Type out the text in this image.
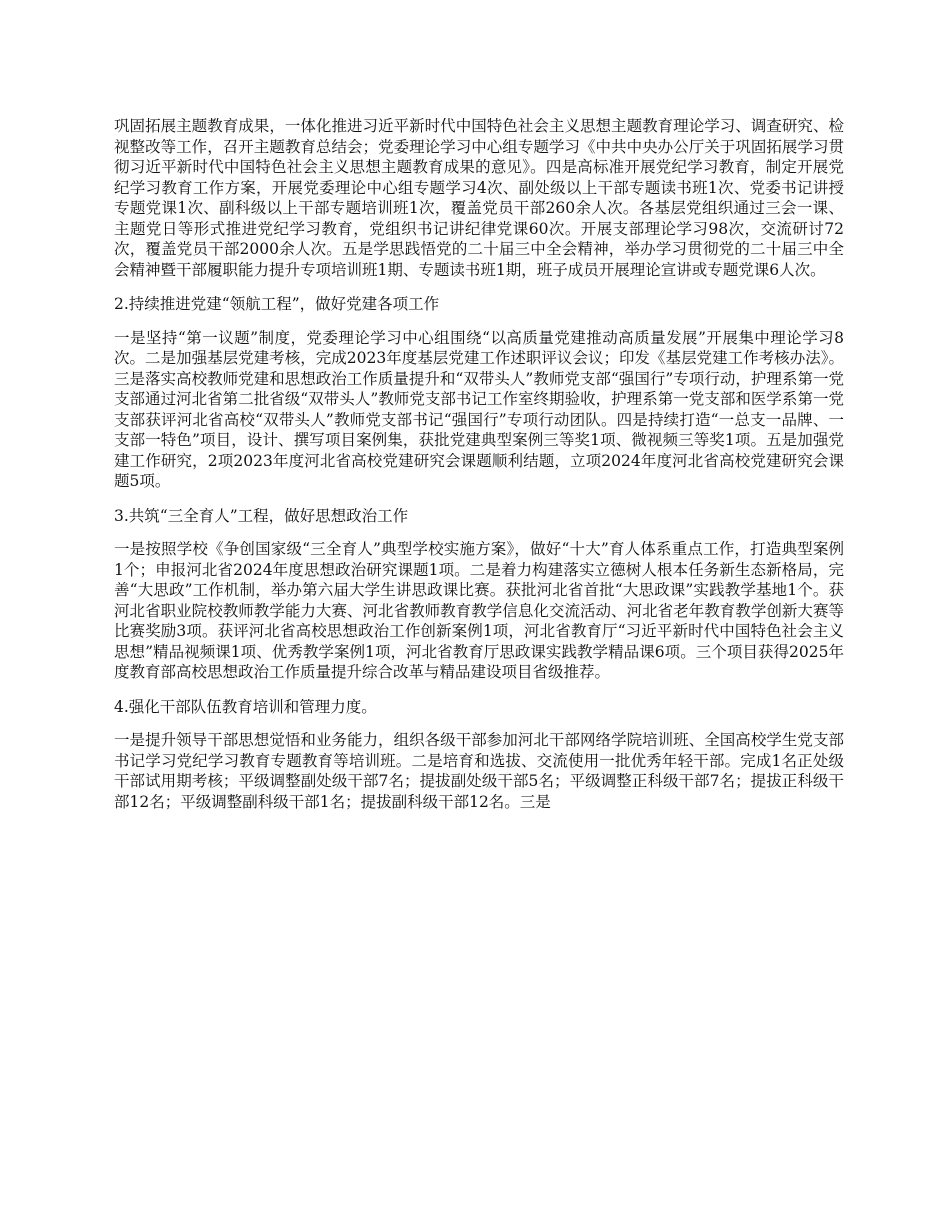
巩固拓展主题教育成果，一体化推进习近平新时代中国特色社会主义思想主题教育理论学习、调查研究、检视整改等工作，召开主题教育总结会；党委理论学习中心组专题学习《中共中央办公厅关于巩固拓展学习贯彻习近平新时代中国特色社会主义思想主题教育成果的意见》。四是高标准开展党纪学习教育，制定开展党纪学习教育工作方案，开展党委理论中心组专题学习4次、副处级以上干部专题读书班1次、党委书记讲授专题党课1次、副科级以上干部专题培训班1次，覆盖党员干部260余人次。各基层党组织通过三会一课、主题党日等形式推进党纪学习教育，党组织书记讲纪律党课60次。开展支部理论学习98次，交流研讨72次，覆盖党员干部2000余人次。五是学思践悟党的二十届三中全会精神，举办学习贯彻党的二十届三中全会精神暨干部履职能力提升专项培训班1期、专题读书班1期，班子成员开展理论宣讲或专题党课6人次。

2.持续推进党建“领航工程”，做好党建各项工作

一是坚持“第一议题”制度，党委理论学习中心组围绕“以高质量党建推动高质量发展”开展集中理论学习8次。二是加强基层党建考核，完成2023年度基层党建工作述职评议会议；印发《基层党建工作考核办法》。三是落实高校教师党建和思想政治工作质量提升和“双带头人”教师党支部“强国行”专项行动，护理系第一党支部通过河北省第二批省级“双带头人”教师党支部书记工作室终期验收，护理系第一党支部和医学系第一党支部获评河北省高校“双带头人”教师党支部书记“强国行”专项行动团队。四是持续打造“一总支一品牌、一支部一特色”项目，设计、撰写项目案例集，获批党建典型案例三等奖1项、微视频三等奖1项。五是加强党建工作研究，2项2023年度河北省高校党建研究会课题顺利结题，立项2024年度河北省高校党建研究会课题5项。

3.共筑“三全育人”工程，做好思想政治工作

一是按照学校《争创国家级“三全育人”典型学校实施方案》，做好“十大”育人体系重点工作，打造典型案例1个；申报河北省2024年度思想政治研究课题1项。二是着力构建落实立德树人根本任务新生态新格局，完善“大思政”工作机制，举办第六届大学生讲思政课比赛。获批河北省首批“大思政课”实践教学基地1个。获河北省职业院校教师教学能力大赛、河北省教师教育教学信息化交流活动、河北省老年教育教学创新大赛等比赛奖励3项。获评河北省高校思想政治工作创新案例1项，河北省教育厅“习近平新时代中国特色社会主义思想”精品视频课1项、优秀教学案例1项，河北省教育厅思政课实践教学精品课6项。三个项目获得2025年度教育部高校思想政治工作质量提升综合改革与精品建设项目省级推荐。

4.强化干部队伍教育培训和管理力度。

一是提升领导干部思想觉悟和业务能力，组织各级干部参加河北干部网络学院培训班、全国高校学生党支部书记学习党纪学习教育专题教育等培训班。二是培育和选拔、交流使用一批优秀年轻干部。完成1名正处级干部试用期考核；平级调整副处级干部7名；提拔副处级干部5名；平级调整正科级干部7名；提拔正科级干部12名；平级调整副科级干部1名；提拔副科级干部12名。三是
